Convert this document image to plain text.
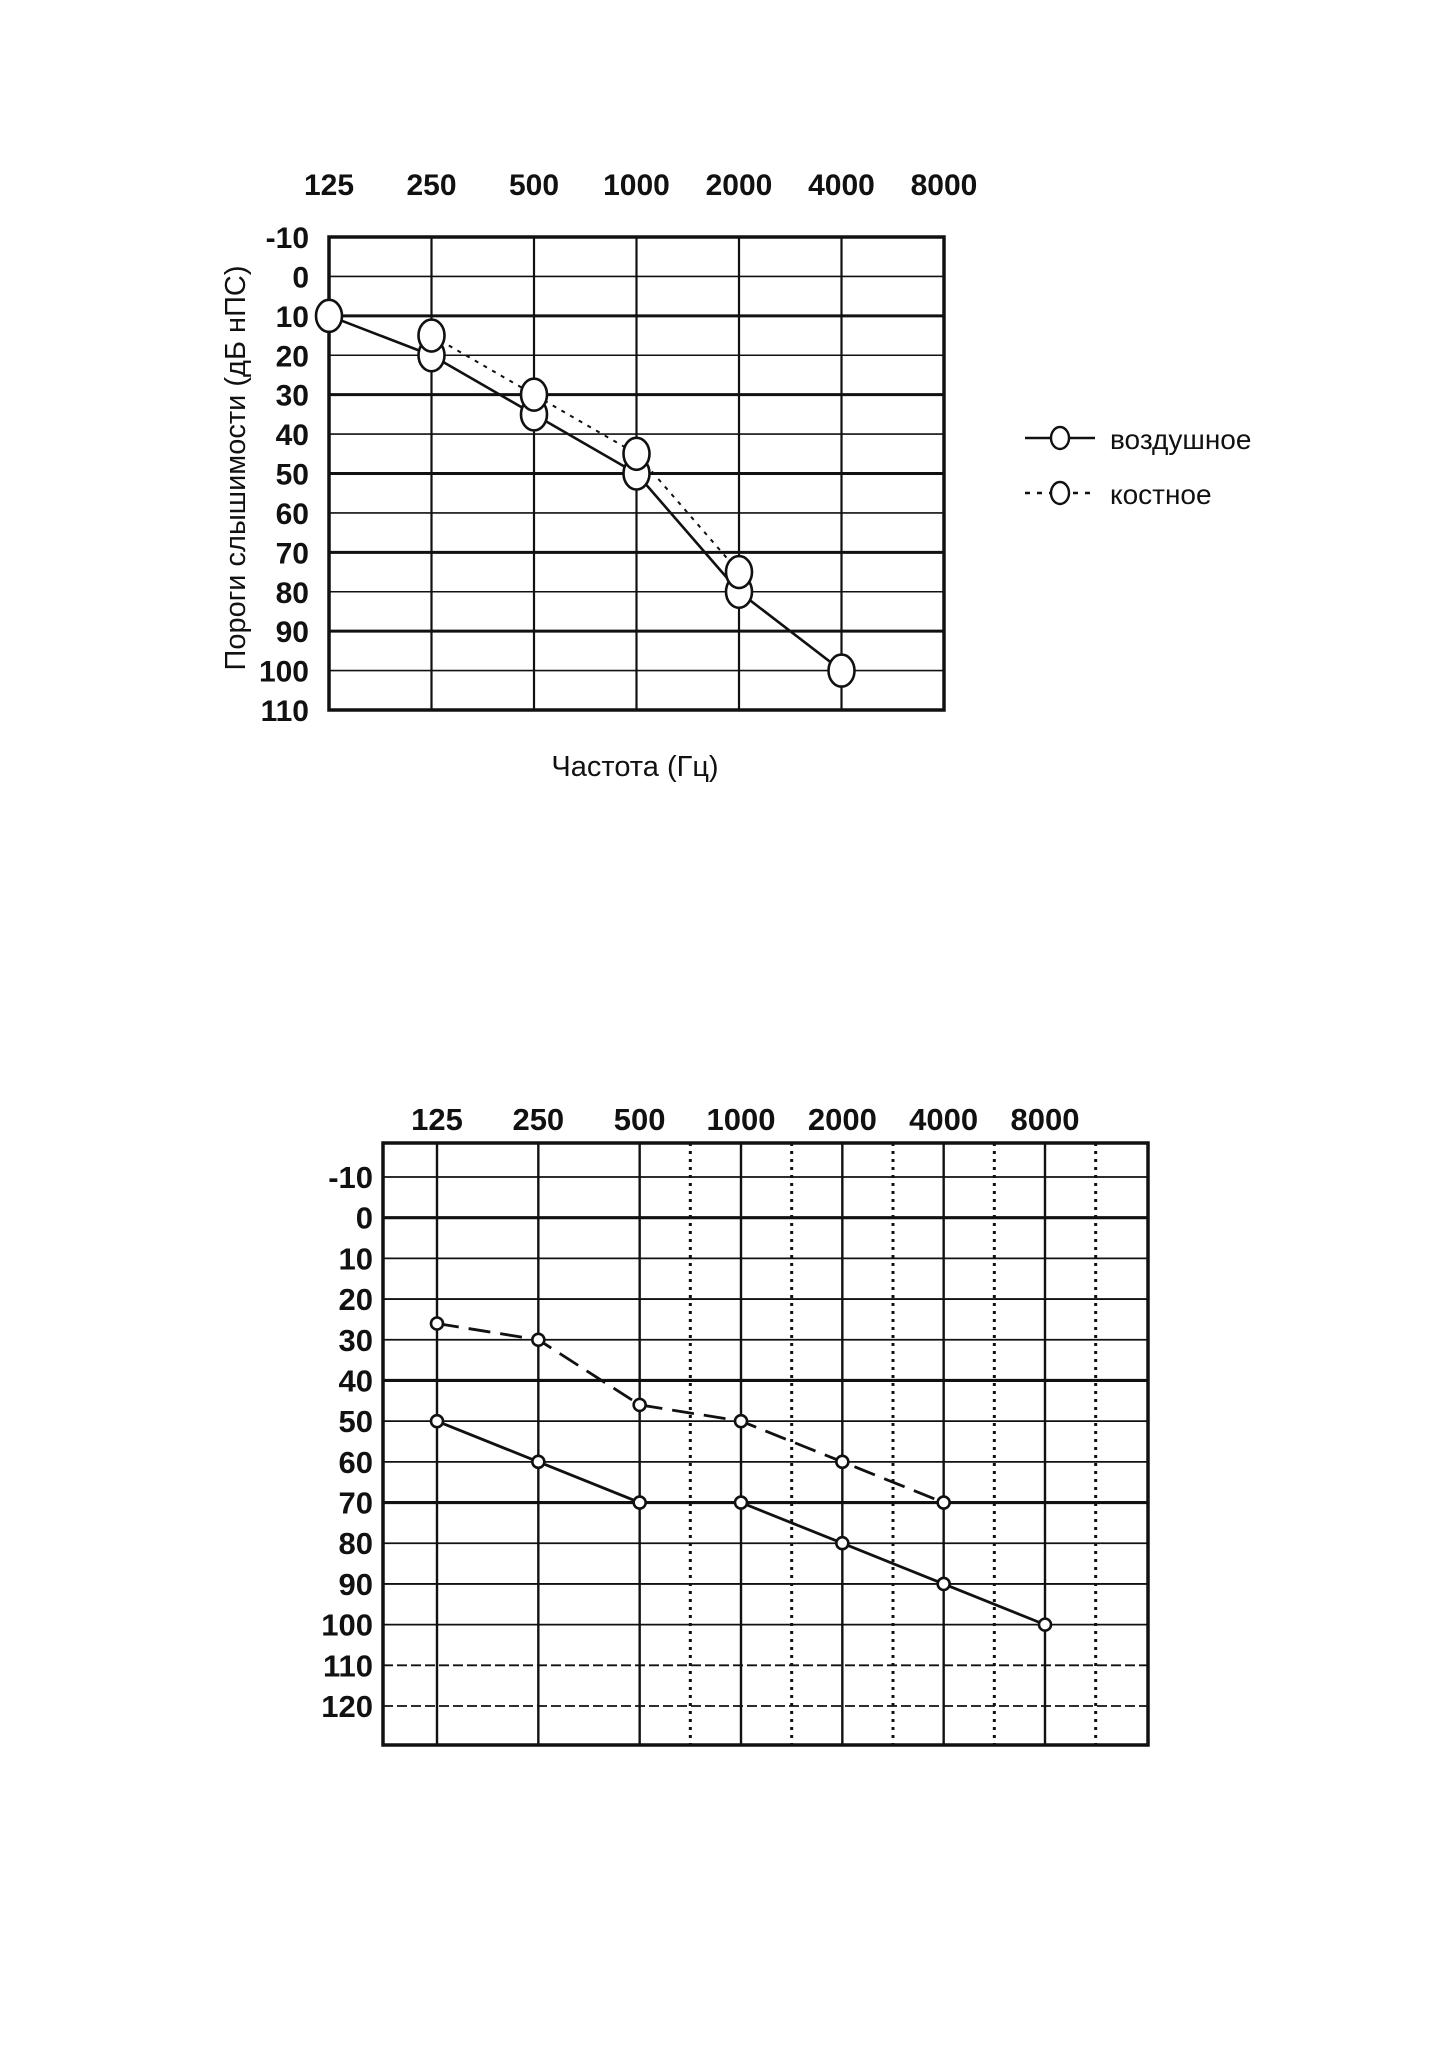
125 250 500 1000 2000 4000 8000
-10
0
10
20
30
40
50
60
70
80
90
100
110
Пороги слышимости (дБ нПС)
Частота (Гц)
воздушное
костное
125 250 500 1000 2000 4000 8000
-10
0
10
20
30
40
50
60
70
80
90
100
110
120
